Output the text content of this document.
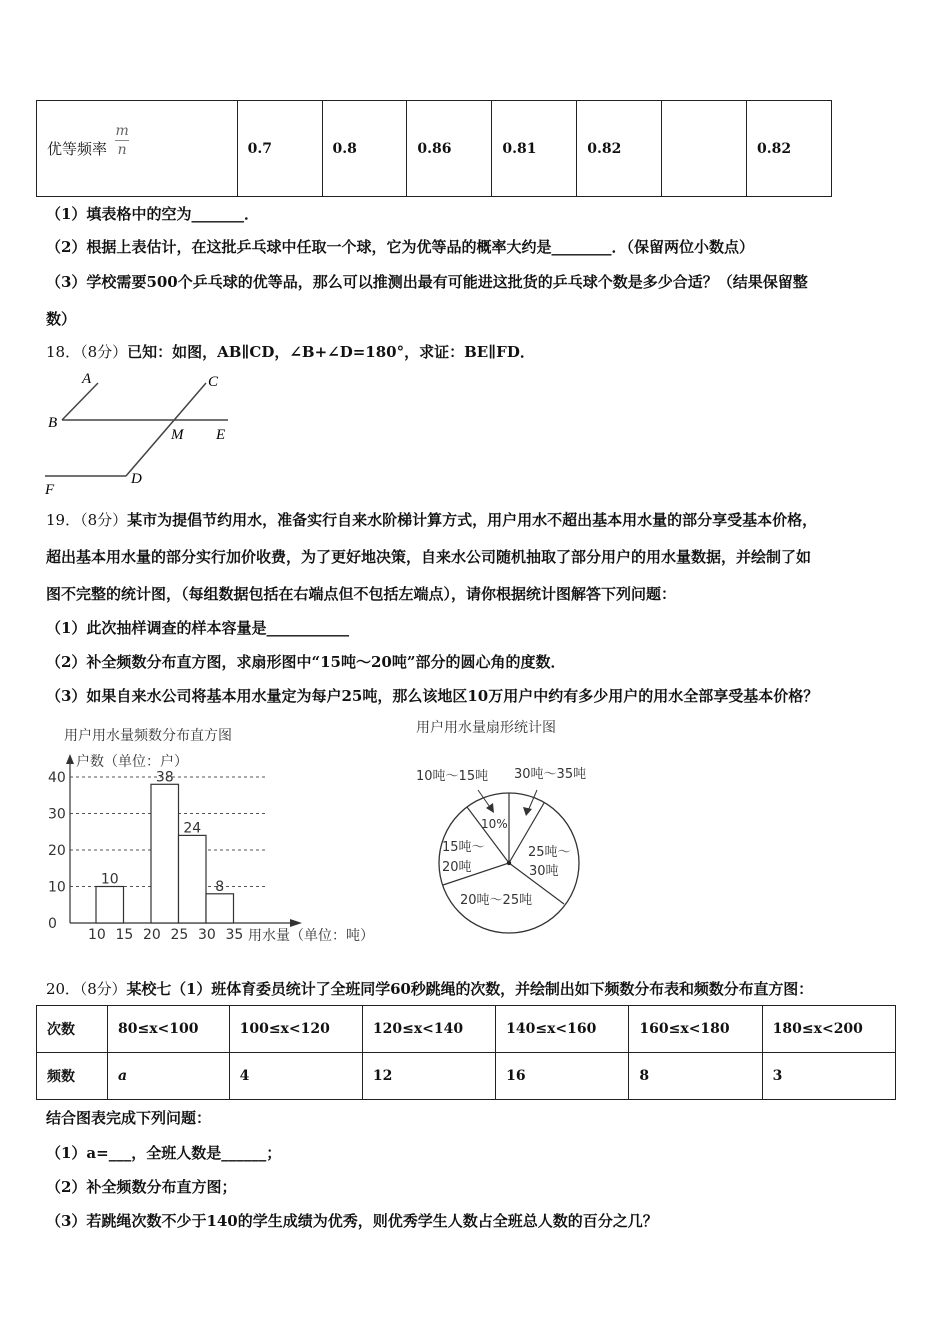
优等频率 $\frac{m}{n}$	0.7	0.8	0.86	0.81	0.82		0.82
（1）填表格中的空为_______．
（2）根据上表估计，在这批乒乓球中任取一个球，它为优等品的概率大约是________．（保留两位小数点）
（3）学校需要500个乒乓球的优等品，那么可以推测出最有可能进这批货的乒乓球个数是多少合适？（结果保留整
数）
18．（8分）已知：如图，AB∥CD，∠B+∠D=180°，求证：BE∥FD．
A
B
C
D
E
F
M
19．（8分）某市为提倡节约用水，准备实行自来水阶梯计算方式，用户用水不超出基本用水量的部分享受基本价格，
超出基本用水量的部分实行加价收费，为了更好地决策，自来水公司随机抽取了部分用户的用水量数据，并绘制了如
图不完整的统计图，（每组数据包括在右端点但不包括左端点），请你根据统计图解答下列问题：
（1）此次抽样调查的样本容量是___________
（2）补全频数分布直方图，求扇形图中“15吨～20吨”部分的圆心角的度数．
（3）如果自来水公司将基本用水量定为每户25吨，那么该地区10万用户中约有多少用户的用水全部享受基本价格？
用户用水量频数分布直方图
户数（单位：户）
10
38
24
8
0
10
20
30
40
10 15 20 25 30 35 用水量（单位：吨）
用户用水量扇形统计图
10吨～15吨 30吨～35吨
10%
15吨～
20吨
25吨～
30吨
20吨～25吨
20．（8分）某校七（1）班体育委员统计了全班同学60秒跳绳的次数，并绘制出如下频数分布表和频数分布直方图：
次数	80≤x<100	100≤x<120	120≤x<140	140≤x<160	160≤x<180	180≤x<200
频数	a	4	12	16	8	3
结合图表完成下列问题：
（1）a=___，全班人数是______；
（2）补全频数分布直方图；
（3）若跳绳次数不少于140的学生成绩为优秀，则优秀学生人数占全班总人数的百分之几？
